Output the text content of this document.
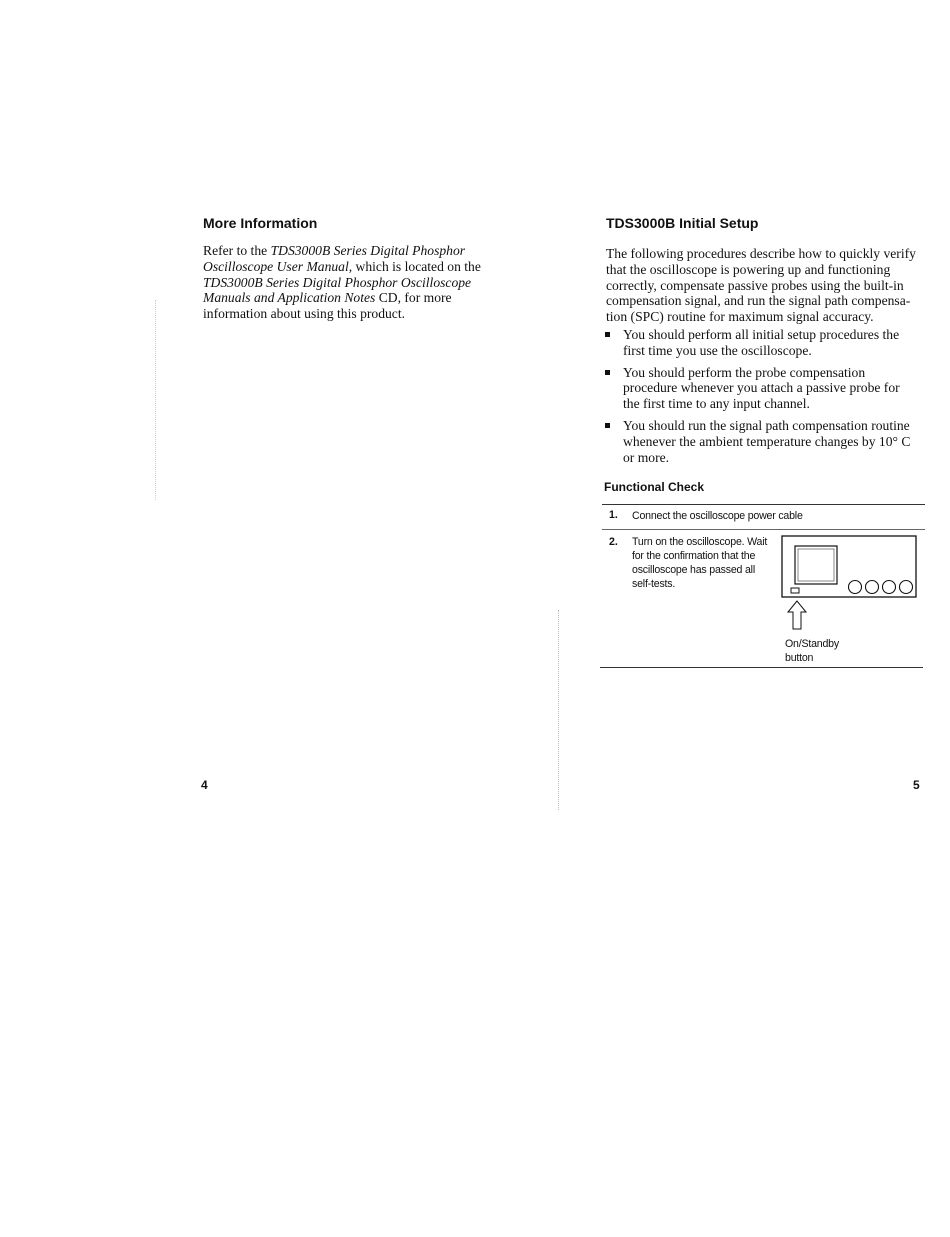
More Information
Refer to the TDS3000B Series Digital Phosphor
Oscilloscope User Manual, which is located on the
TDS3000B Series Digital Phosphor Oscilloscope
Manuals and Application Notes CD, for more
information about using this product.
4
TDS3000B Initial Setup
The following procedures describe how to quickly verify
that the oscilloscope is powering up and functioning
correctly, compensate passive probes using the built-in
compensation signal, and run the signal path compensa-
tion (SPC) routine for maximum signal accuracy.
You should perform all initial setup procedures the
first time you use the oscilloscope.
You should perform the probe compensation
procedure whenever you attach a passive probe for
the first time to any input channel.
You should run the signal path compensation routine
whenever the ambient temperature changes by 10° C
or more.
Functional Check
1. Connect the oscilloscope power cable
2. Turn on the oscilloscope. Wait
for the confirmation that the
oscilloscope has passed all
self-tests.
On/Standby
button
5
